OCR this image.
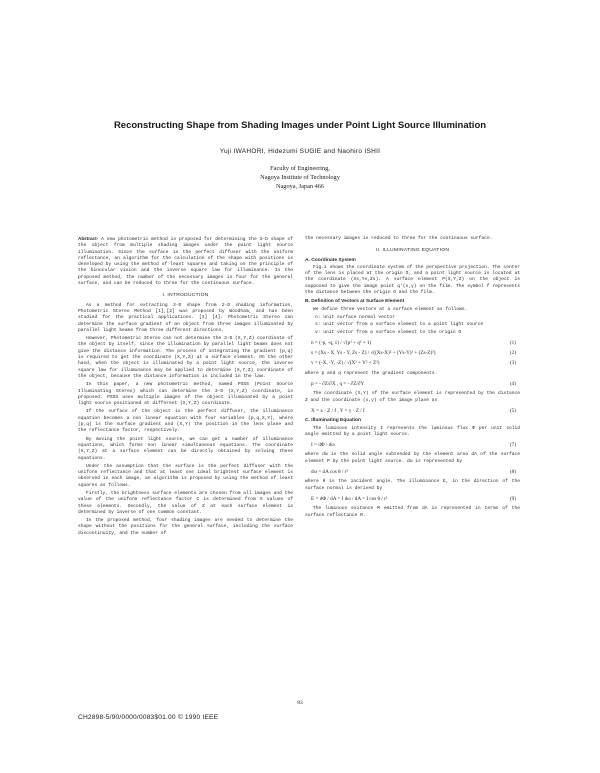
Reconstructing Shape from Shading Images under Point Light Source Illumination
Yuji IWAHORI, Hidezumi SUGIE and Naohiro ISHII
Faculty of Engineering,
Nagoya Institute of Technology
Nagoya, Japan 466

Abstract- A new photometric method is proposed for determining the 3-D shape of the object from multiple shading images under the point light source illumination. Since the surface is the perfect diffuser with the uniform reflectance, an algorithm for the calculation of the shape with positions is developed by using the method of least squares and taking on the principle of the binocular vision and the inverse square law for illuminance. In the proposed method, the number of the necessary images is four for the general surface, and can be reduced to three for the continuous surface.

I. INTRODUCTION

As a method for extracting 3-D shape from 2-D shading information, Photometric Stereo Method [1],[2] was proposed by Woodham, and has been studied for the practical applications. [3] [4]. Photometric Stereo can determine the surface gradient of an object from three images illuminated by parallel light beams from three different directions.

However, Photometric Stereo can not determine the 3-D (X,Y,Z) coordinate of the object by itself, since the illumination by parallel light beams does not give the distance information. The process of integrating the gradient (p,q) is required to get the coordinate (X,Y,Z) at a surface element. On the other hand, when the object is illuminated by a point light source, the inverse square law for illuminance may be applied to determine (X,Y,Z) coordinate of the object, because the distance information is included in the law.

In this paper, a new photometric method, named PSSS (Point Source Illuminating Stereo) which can determine the 3-D (X,Y,Z) coordinate, is proposed. PSSS uses multiple images of the object illuminated by a point light source positioned at different (X,Y,Z) coordinate.

If the surface of the object is the perfect diffuser, the illuminance equation becomes a non linear equation with four variables (p,q,X,Y), where (p,q) is the surface gradient and (X,Y) the position in the lens plane and the reflectance factor, respectively.

By moving the point light source, we can get a number of illuminance equations, which forms non linear simultaneous equations. The coordinate (X,Y,Z) at a surface element can be directly obtained by solving these equations.

Under the assumption that the surface is the perfect diffuser with the uniform reflectance and that at least one ideal brightest surface element is observed in each image, an algorithm is proposed by using the method of least squares as follows.

Firstly, the brightness surface elements are chosen from all images and the value of the uniform reflectance factor C is determined from S values of these elements. Secondly, the value of Z at each surface element is determined by inverse of one common constant.

In the proposed method, four shading images are needed to determine the shape without the positions for the general surface, including the surface discontinuity, and the number of

the necessary images is reduced to three for the continuous surface.

II. ILLUMINATING EQUATION
A. Coordinate System

Fig.1 shows the coordinate system of the perspective projection. The center of the lens is placed at the origin O, and a point light source is located at the coordinate (Xs,Ys,Zs). A surface element P(X,Y,Z) on the object is supposed to give the image point q'(x,y) on the film. The symbol f represents the distance between the origin O and the film.

B. Definition of Vectors at Surface Element

We define three vectors at a surface element as follows.

n: unit surface normal vector
s: unit vector from a surface element to a point light source
v: unit vector from a surface element to the origin O
n = (-p, -q, 1) / √(p² + q² + 1)	(1)
s = (Xs - X, Ys - Y, Zs - Z) / √((Xs-X)² + (Ys-Y)² + (Zs-Z)²)	(2)
v = (-X, -Y, -Z) / √(X² + Y² + Z²)	(3)

where p and q represent the gradient components.

p = - ∂Z/∂X , q = - ∂Z/∂Y	(4)

The coordinate (X,Y) of the surface element is represented by the distance Z and the coordinate (x,y) of the image plane as

X = x · Z / f , Y = y · Z / f	(5)
C. Illuminating Equation

The luminous intensity I represents the luminous flux Φ per unit solid angle emitted by a point light source.

I = dΦ / dω	(7)

where dω is the solid angle subtended by the element area dA of the surface element P by the point light source. dω is represented by

dω = dA cos θ / r²	(8)

where θ is the incident angle. The illuminance E, in the direction of the surface normal is derived by

E = dΦ / dA = I dω / dA = I cos θ / r²	(9)

The luminous exitance M emitted from dA is represented in terms of the surface reflectance R.

83
CH2898-5/90/0000/0083$01.00 © 1990 IEEE
